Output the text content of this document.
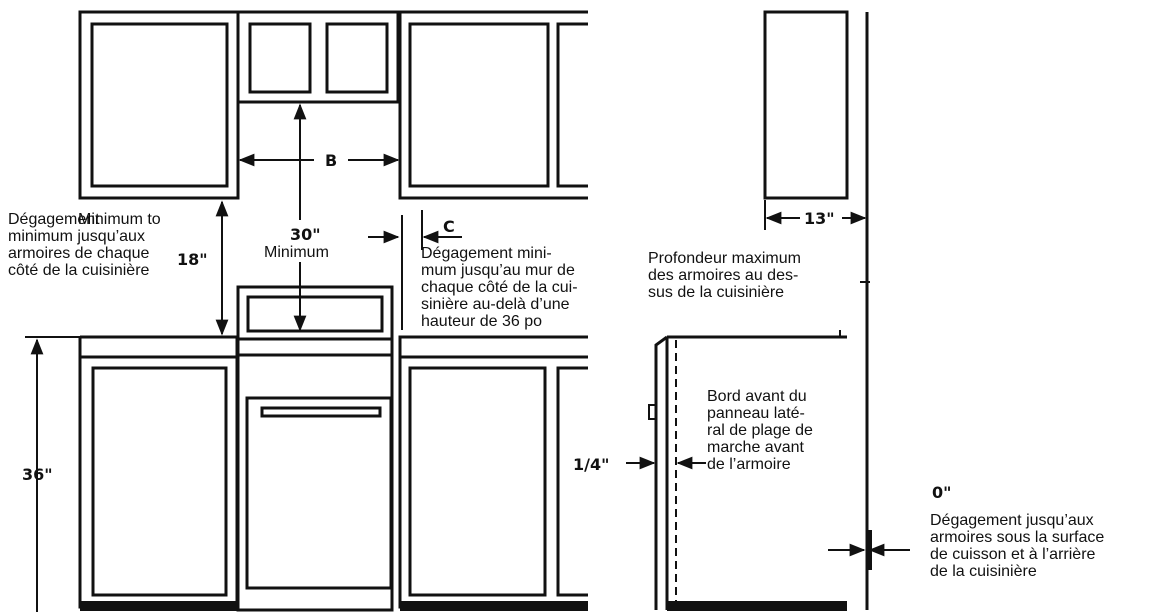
B
C
30"
Minimum
18"
36"
Minimum to
Dégagement
minimum jusqu’aux
armoires de chaque
côté de la cuisinière
Dégagement mini-
mum jusqu’au mur de
chaque côté de la cui-
sinière au-delà d’une
hauteur de 36 po
13"
Profondeur maximum
des armoires au des-
sus de la cuisinière
1/4"
Bord avant du
panneau laté-
ral de plage de
marche avant
de l’armoire
0"
Dégagement jusqu’aux
armoires sous la surface
de cuisson et à l’arrière
de la cuisinière
